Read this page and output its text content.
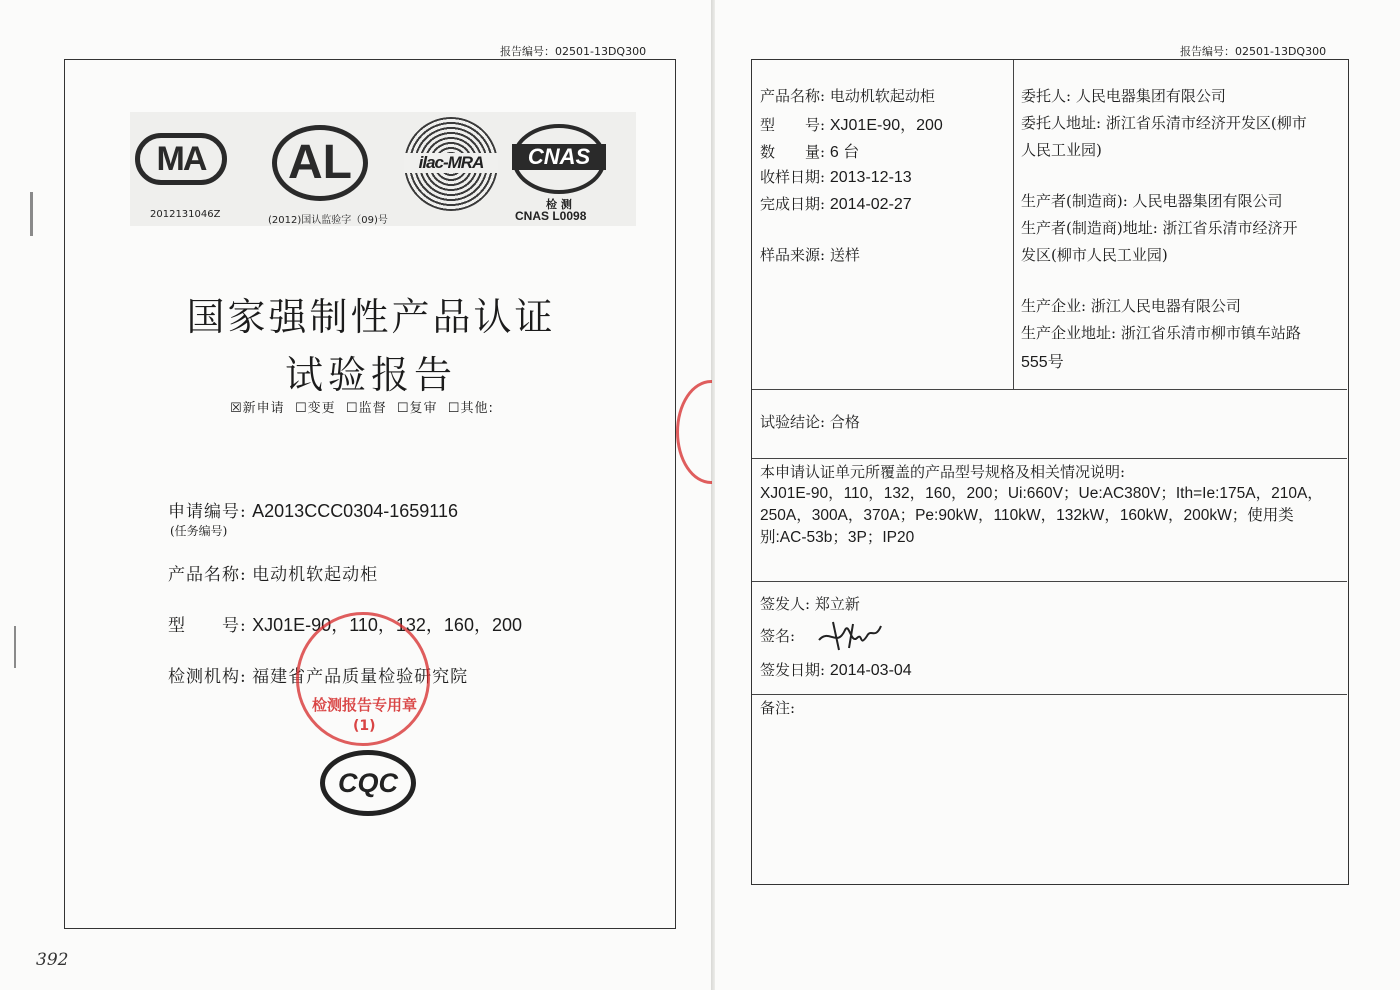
报告编号：02501-13DQ300
MA
2012131046Z
AL
(2012)国认监验字（09)号
ilac-MRA	CNAS
检 测
CNAS L0098
国家强制性产品认证
试验报告
☒新申请  ☐变更  ☐监督  ☐复审  ☐其他:
申请编号: A2013CCC0304-1659116
(任务编号)
产品名称: 电动机软起动柜
型　　号: XJ01E-90，110，132，160，200
检测机构: 福建省产品质量检验研究院
检测报告专用章
(1)
CQC
392
报告编号：02501-13DQ300
产品名称: 电动机软起动柜
型　　号: XJ01E-90，200
数　　量: 6 台
收样日期: 2013-12-13
完成日期: 2014-02-27
样品来源: 送样
委托人: 人民电器集团有限公司
委托人地址: 浙江省乐清市经济开发区(柳市
人民工业园)
生产者(制造商): 人民电器集团有限公司
生产者(制造商)地址: 浙江省乐清市经济开
发区(柳市人民工业园)
生产企业: 浙江人民电器有限公司
生产企业地址: 浙江省乐清市柳市镇车站路
555号
试验结论: 合格
本申请认证单元所覆盖的产品型号规格及相关情况说明:
XJ01E-90，110，132，160，200；Ui:660V；Ue:AC380V；Ith=Ie:175A，210A，
250A，300A，370A；Pe:90kW，110kW，132kW，160kW，200kW；使用类
别:AC-53b；3P；IP20
签发人: 郑立新
签名:
签发日期: 2014-03-04
备注:
